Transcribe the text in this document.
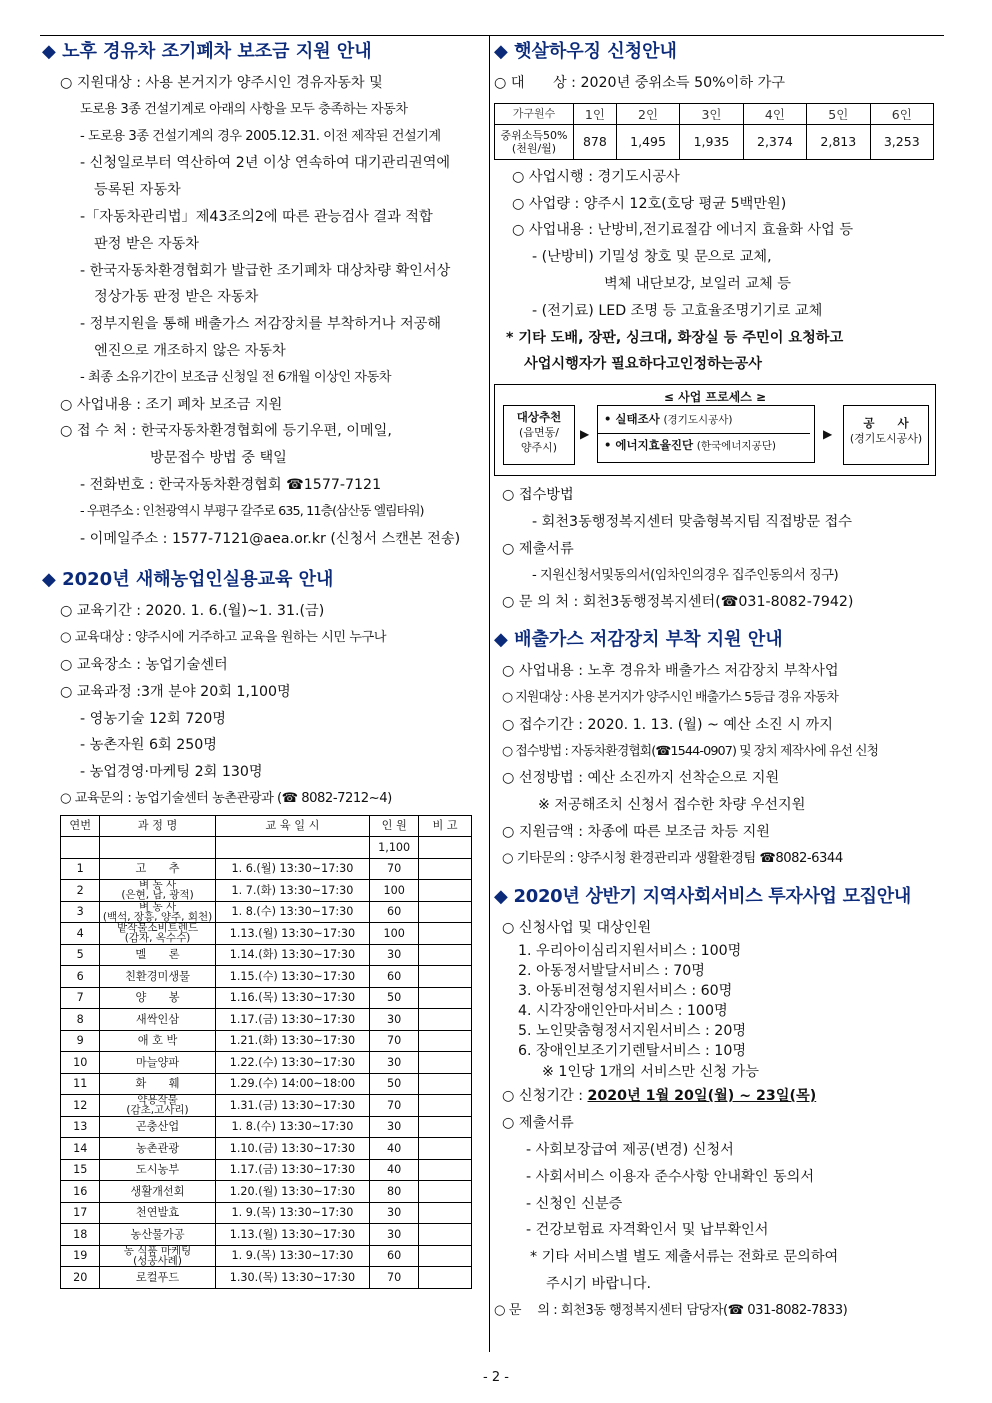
◆ 노후 경유차 조기폐차 보조금 지원 안내
○ 지원대상 : 사용 본거지가 양주시인 경유자동차 및
도로용 3종 건설기계로 아래의 사항을 모두 충족하는 자동차
- 도로용 3종 건설기계의 경우 2005.12.31. 이전 제작된 건설기계
- 신청일로부터 역산하여 2년 이상 연속하여 대기관리권역에
등록된 자동차
-「자동차관리법」제43조의2에 따른 관능검사 결과 적합
판정 받은 자동차
- 한국자동차환경협회가 발급한 조기폐차 대상차량 확인서상
정상가동 판정 받은 자동차
- 정부지원을 통해 배출가스 저감장치를 부착하거나 저공해
엔진으로 개조하지 않은 자동차
- 최종 소유기간이 보조금 신청일 전 6개월 이상인 자동차
○ 사업내용 : 조기 폐차 보조금 지원
○ 접 수 처 : 한국자동차환경협회에 등기우편, 이메일,
방문접수 방법 중 택일
- 전화번호 : 한국자동차환경협회 ☎1577-7121
- 우편주소 : 인천광역시 부평구 갈주로 635, 11층(삼산동 엘림타워)
- 이메일주소 : 1577-7121@aea.or.kr (신청서 스캔본 전송)
◆ 2020년 새해농업인실용교육 안내
○ 교육기간 : 2020. 1. 6.(월)~1. 31.(금)
○ 교육대상 : 양주시에 거주하고 교육을 원하는 시민 누구나
○ 교육장소 : 농업기술센터
○ 교육과정 :3개 분야 20회 1,100명
- 영농기술 12회 720명
- 농촌자원 6회 250명
- 농업경영·마케팅 2회 130명
○ 교육문의 : 농업기술센터 농촌관광과 (☎ 8082-7212~4)
연번	과 정 명	교 육 일 시	인 원	비 고
			1,100	
1	고　　추	1. 6.(월) 13:30~17:30	70	
2	벼 농 사
(은현, 남, 광적)	1. 7.(화) 13:30~17:30	100	
3	벼 농 사
(백석, 장흥, 양주, 회천)	1. 8.(수) 13:30~17:30	60	
4	밭작물소비트렌드
(감자, 옥수수)	1.13.(월) 13:30~17:30	100	
5	멜　　론	1.14.(화) 13:30~17:30	30	
6	친환경미생물	1.15.(수) 13:30~17:30	60	
7	양　　봉	1.16.(목) 13:30~17:30	50	
8	새싹인삼	1.17.(금) 13:30~17:30	30	
9	애 호 박	1.21.(화) 13:30~17:30	70	
10	마늘양파	1.22.(수) 13:30~17:30	30	
11	화　　훼	1.29.(수) 14:00~18:00	50	
12	약용작물
(감초,고사리)	1.31.(금) 13:30~17:30	70	
13	곤충산업	1. 8.(수) 13:30~17:30	30	
14	농촌관광	1.10.(금) 13:30~17:30	40	
15	도시농부	1.17.(금) 13:30~17:30	40	
16	생활개선회	1.20.(월) 13:30~17:30	80	
17	천연발효	1. 9.(목) 13:30~17:30	30	
18	농산물가공	1.13.(월) 13:30~17:30	30	
19	농 식품 마케팅
(성공사례)	1. 9.(목) 13:30~17:30	60	
20	로컬푸드	1.30.(목) 13:30~17:30	70	
◆ 햇살하우징 신청안내
○ 대　　상 : 2020년 중위소득 50%이하 가구
가구원수	1인	2인	3인	4인	5인	6인
중위소득50%
(천원/월)	878	1,495	1,935	2,374	2,813	3,253
○ 사업시행 : 경기도시공사
○ 사업량 : 양주시 12호(호당 평균 5백만원)
○ 사업내용 : 난방비,전기료절감 에너지 효율화 사업 등
- (난방비) 기밀성 창호 및 문으로 교체,
벽체 내단보강, 보일러 교체 등
- (전기료) LED 조명 등 고효율조명기기로 교체
* 기타 도배, 장판, 싱크대, 화장실 등 주민이 요청하고
사업시행자가 필요하다고인정하는공사
≤ 사업 프로세스 ≥
대상추천
(읍면동/
양주시)
▶
• 실태조사 (경기도시공사)
• 에너지효율진단 (한국에너지공단)
▶
공　　사
(경기도시공사)
○ 접수방법
- 회천3동행정복지센터 맞춤형복지팀 직접방문 접수
○ 제출서류
- 지원신청서및동의서(임차인의경우 집주인동의서 징구)
○ 문 의 처 : 회천3동행정복지센터(☎031-8082-7942)
◆ 배출가스 저감장치 부착 지원 안내
○ 사업내용 : 노후 경유차 배출가스 저감장치 부착사업
○ 지원대상 : 사용 본거지가 양주시인 배출가스 5등급 경유 자동차
○ 접수기간 : 2020. 1. 13. (월) ~ 예산 소진 시 까지
○ 접수방법 : 자동차환경협회(☎1544-0907) 및 장치 제작사에 유선 신청
○ 선정방법 : 예산 소진까지 선착순으로 지원
※ 저공해조치 신청서 접수한 차량 우선지원
○ 지원금액 : 차종에 따른 보조금 차등 지원
○ 기타문의 : 양주시청 환경관리과 생활환경팀 ☎8082-6344
◆ 2020년 상반기 지역사회서비스 투자사업 모집안내
○ 신청사업 및 대상인원
1. 우리아이심리지원서비스 : 100명
2. 아동정서발달서비스 : 70명
3. 아동비전형성지원서비스 : 60명
4. 시각장애인안마서비스 : 100명
5. 노인맞춤형정서지원서비스 : 20명
6. 장애인보조기기렌탈서비스 : 10명
※ 1인당 1개의 서비스만 신청 가능
○ 신청기간 : 2020년 1월 20일(월) ~ 23일(목)
○ 제출서류
- 사회보장급여 제공(변경) 신청서
- 사회서비스 이용자 준수사항 안내확인 동의서
- 신청인 신분증
- 건강보험료 자격확인서 및 납부확인서
* 기타 서비스별 별도 제출서류는 전화로 문의하여
주시기 바랍니다.
○ 문　 의 : 회천3동 행정복지센터 담당자(☎ 031-8082-7833)
- 2 -
